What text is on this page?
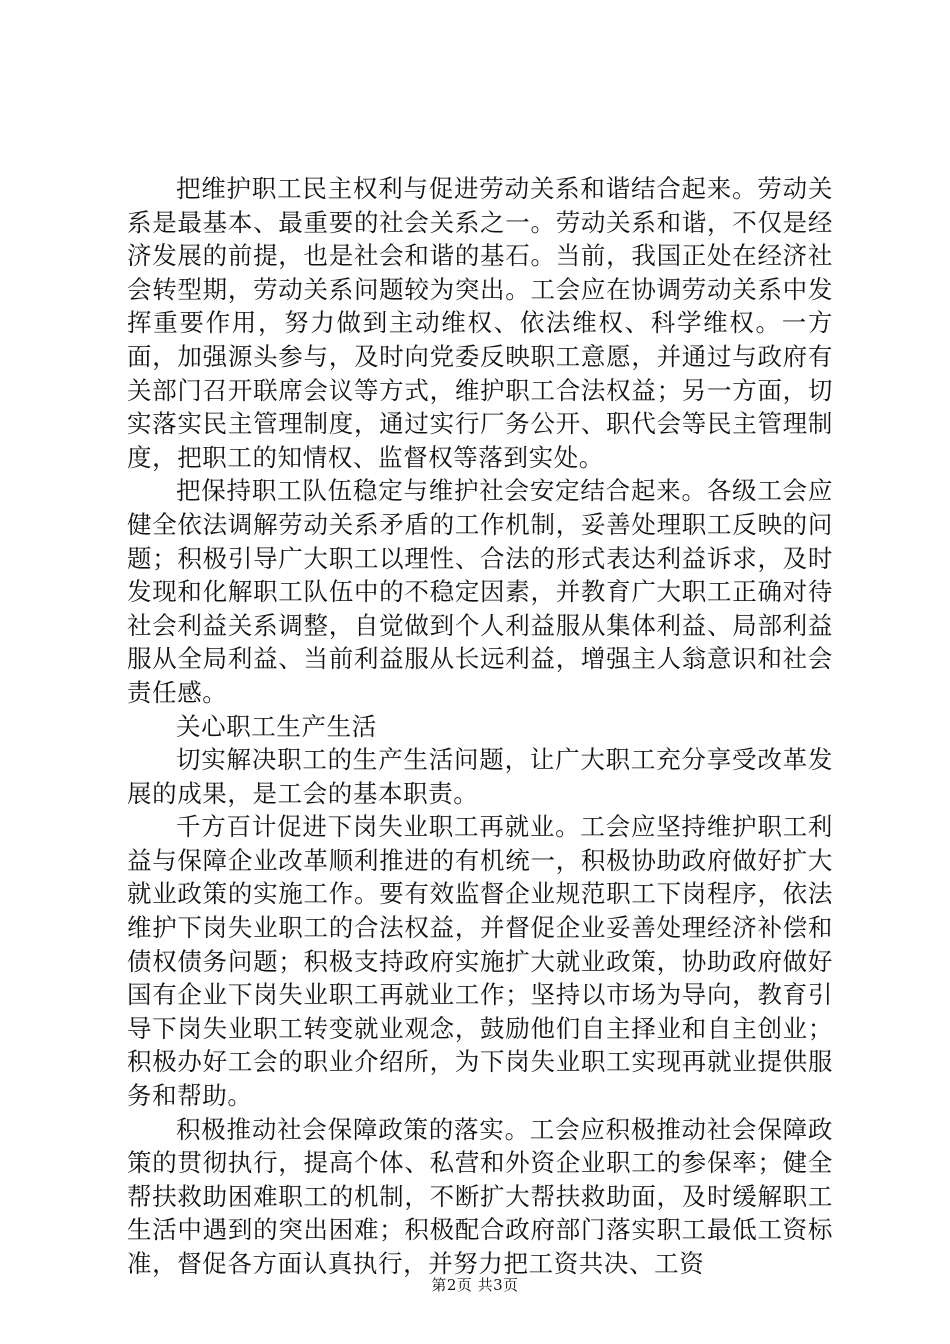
把维护职工民主权利与促进劳动关系和谐结合起来。劳动关系是最基本、最重要的社会关系之一。劳动关系和谐，不仅是经济发展的前提，也是社会和谐的基石。当前，我国正处在经济社会转型期，劳动关系问题较为突出。工会应在协调劳动关系中发挥重要作用，努力做到主动维权、依法维权、科学维权。一方面，加强源头参与，及时向党委反映职工意愿，并通过与政府有关部门召开联席会议等方式，维护职工合法权益；另一方面，切实落实民主管理制度，通过实行厂务公开、职代会等民主管理制度，把职工的知情权、监督权等落到实处。

把保持职工队伍稳定与维护社会安定结合起来。各级工会应健全依法调解劳动关系矛盾的工作机制，妥善处理职工反映的问题；积极引导广大职工以理性、合法的形式表达利益诉求，及时发现和化解职工队伍中的不稳定因素，并教育广大职工正确对待社会利益关系调整，自觉做到个人利益服从集体利益、局部利益服从全局利益、当前利益服从长远利益，增强主人翁意识和社会责任感。

关心职工生产生活

切实解决职工的生产生活问题，让广大职工充分享受改革发展的成果，是工会的基本职责。

千方百计促进下岗失业职工再就业。工会应坚持维护职工利益与保障企业改革顺利推进的有机统一，积极协助政府做好扩大就业政策的实施工作。要有效监督企业规范职工下岗程序，依法维护下岗失业职工的合法权益，并督促企业妥善处理经济补偿和债权债务问题；积极支持政府实施扩大就业政策，协助政府做好国有企业下岗失业职工再就业工作；坚持以市场为导向，教育引导下岗失业职工转变就业观念，鼓励他们自主择业和自主创业；积极办好工会的职业介绍所，为下岗失业职工实现再就业提供服务和帮助。

积极推动社会保障政策的落实。工会应积极推动社会保障政策的贯彻执行，提高个体、私营和外资企业职工的参保率；健全帮扶救助困难职工的机制，不断扩大帮扶救助面，及时缓解职工生活中遇到的突出困难；积极配合政府部门落实职工最低工资标准，督促各方面认真执行，并努力把工资共决、工资

第2页 共3页
